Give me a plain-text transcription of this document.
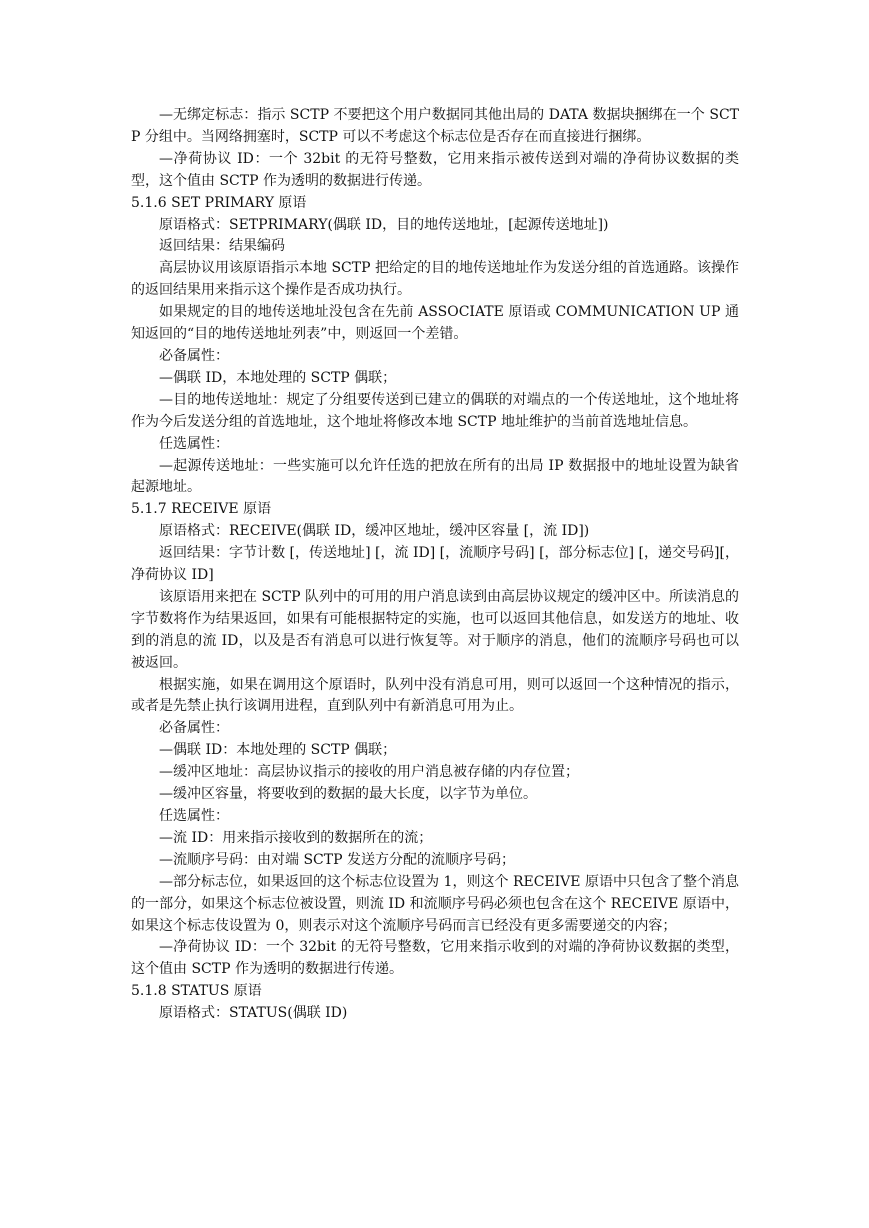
—无绑定标志：指示 SCTP 不要把这个用户数据同其他出局的 DATA 数据块捆绑在一个 SCTP 分组中。当网络拥塞时，SCTP 可以不考虑这个标志位是否存在而直接进行捆绑。

—净荷协议 ID：一个 32bit 的无符号整数，它用来指示被传送到对端的净荷协议数据的类型，这个值由 SCTP 作为透明的数据进行传递。

5.1.6 SET PRIMARY 原语

原语格式：SETPRIMARY(偶联 ID，目的地传送地址，[起源传送地址])

返回结果：结果编码

高层协议用该原语指示本地 SCTP 把给定的目的地传送地址作为发送分组的首选通路。该操作的返回结果用来指示这个操作是否成功执行。

如果规定的目的地传送地址没包含在先前 ASSOCIATE 原语或 COMMUNICATION UP 通知返回的“目的地传送地址列表”中，则返回一个差错。

必备属性：

—偶联 ID，本地处理的 SCTP 偶联；

—目的地传送地址：规定了分组要传送到已建立的偶联的对端点的一个传送地址，这个地址将作为今后发送分组的首选地址，这个地址将修改本地 SCTP 地址维护的当前首选地址信息。

任选属性：

—起源传送地址：一些实施可以允许任选的把放在所有的出局 IP 数据报中的地址设置为缺省起源地址。

5.1.7 RECEIVE 原语

原语格式：RECEIVE(偶联 ID，缓冲区地址，缓冲区容量 [，流 ID])

返回结果：字节计数 [，传送地址] [，流 ID] [，流顺序号码] [，部分标志位] [，递交号码][，净荷协议 ID]

该原语用来把在 SCTP 队列中的可用的用户消息读到由高层协议规定的缓冲区中。所读消息的字节数将作为结果返回，如果有可能根据特定的实施，也可以返回其他信息，如发送方的地址、收到的消息的流 ID，以及是否有消息可以进行恢复等。对于顺序的消息，他们的流顺序号码也可以被返回。

根据实施，如果在调用这个原语时，队列中没有消息可用，则可以返回一个这种情况的指示，或者是先禁止执行该调用进程，直到队列中有新消息可用为止。

必备属性：

—偶联 ID：本地处理的 SCTP 偶联；

—缓冲区地址：高层协议指示的接收的用户消息被存储的内存位置；

—缓冲区容量，将要收到的数据的最大长度，以字节为单位。

任选属性：

—流 ID：用来指示接收到的数据所在的流；

—流顺序号码：由对端 SCTP 发送方分配的流顺序号码；

—部分标志位，如果返回的这个标志位设置为 1，则这个 RECEIVE 原语中只包含了整个消息的一部分，如果这个标志位被设置，则流 ID 和流顺序号码必须也包含在这个 RECEIVE 原语中，如果这个标志伎设置为 0，则表示对这个流顺序号码而言已经没有更多需要递交的内容；

—净荷协议 ID：一个 32bit 的无符号整数，它用来指示收到的对端的净荷协议数据的类型，这个值由 SCTP 作为透明的数据进行传递。

5.1.8 STATUS 原语

原语格式：STATUS(偶联 ID)
